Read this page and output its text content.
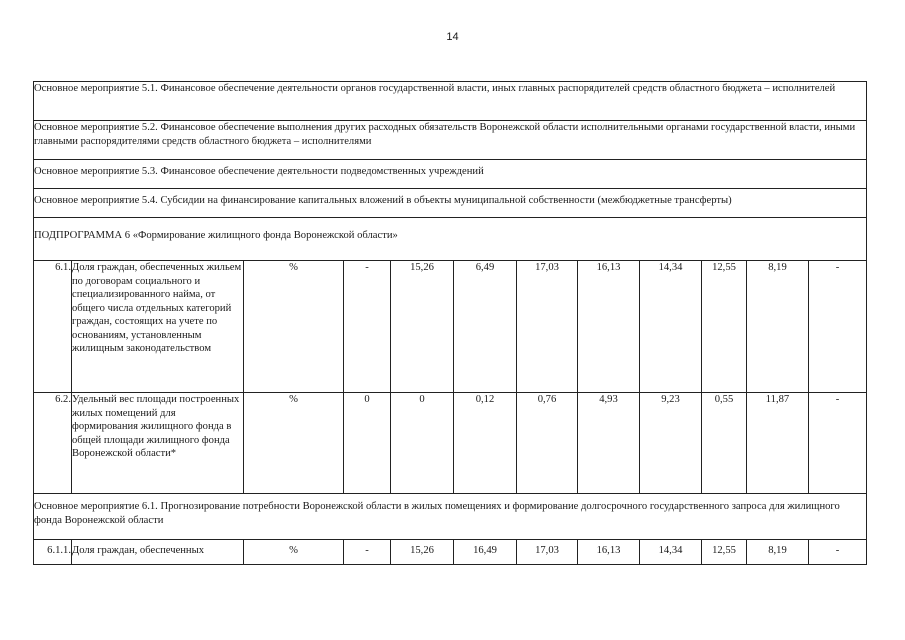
14
Основное мероприятие 5.1. Финансовое обеспечение деятельности органов государственной власти, иных главных распорядителей средств областного бюджета – исполнителей											
Основное мероприятие 5.2. Финансовое обеспечение выполнения других расходных обязательств Воронежской области исполнительными органами государственной власти, иными главными распорядителями средств областного бюджета – исполнителями											
Основное мероприятие 5.3. Финансовое обеспечение деятельности подведомственных учреждений											
Основное мероприятие 5.4. Субсидии на финансирование капитальных вложений в объекты муниципальной собственности (межбюджетные трансферты)											
ПОДПРОГРАММА 6 «Формирование жилищного фонда Воронежской области»											
6.1.	Доля граждан, обеспеченных жильем по договорам социального и специализированного найма, от общего числа отдельных категорий граждан, состоящих на учете по основаниям, установленным жилищным законодательством	%	-	15,26	6,49	17,03	16,13	14,34	12,55	8,19	-
6.2.	Удельный вес площади построенных жилых помещений для формирования жилищного фонда в общей площади жилищного фонда Воронежской области*	%	0	0	0,12	0,76	4,93	9,23	0,55	11,87	-
Основное мероприятие 6.1. Прогнозирование потребности Воронежской области в жилых помещениях и формирование долгосрочного государственного запроса для жилищного фонда Воронежской области											
6.1.1.	Доля граждан, обеспеченных	%	-	15,26	16,49	17,03	16,13	14,34	12,55	8,19	-
